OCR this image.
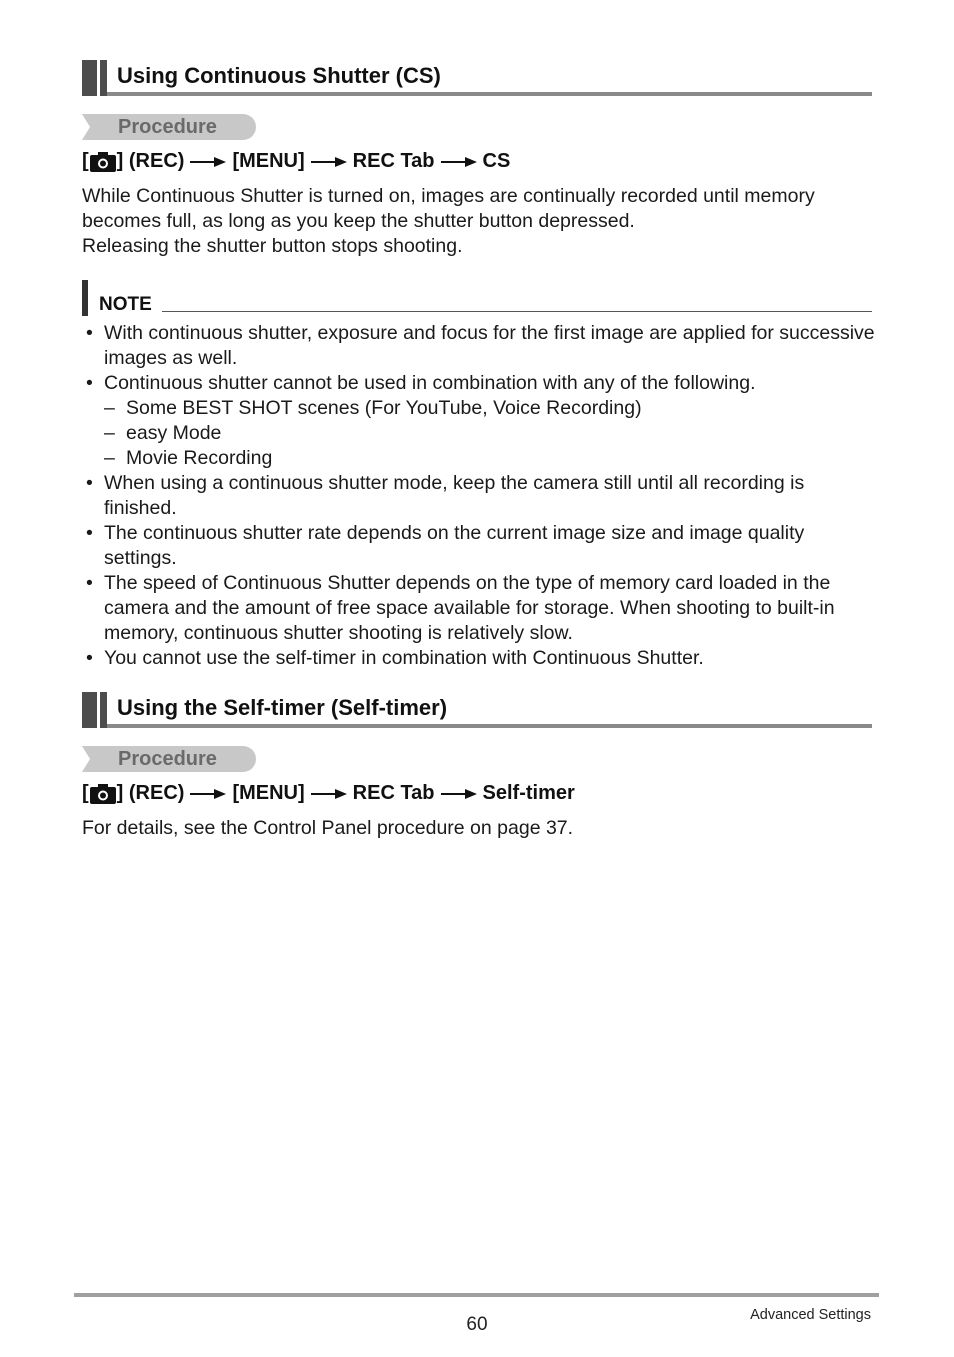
Using Continuous Shutter (CS)
Procedure
[ ] (REC) [MENU] REC Tab CS
While Continuous Shutter is turned on, images are continually recorded until memory becomes full, as long as you keep the shutter button depressed.
Releasing the shutter button stops shooting.
NOTE
• With continuous shutter, exposure and focus for the first image are applied for successive images as well.
• Continuous shutter cannot be used in combination with any of the following.
– Some BEST SHOT scenes (For YouTube, Voice Recording)
– easy Mode
– Movie Recording
• When using a continuous shutter mode, keep the camera still until all recording is finished.
• The continuous shutter rate depends on the current image size and image quality settings.
• The speed of Continuous Shutter depends on the type of memory card loaded in the camera and the amount of free space available for storage. When shooting to built-in memory, continuous shutter shooting is relatively slow.
• You cannot use the self-timer in combination with Continuous Shutter.
Using the Self-timer (Self-timer)
Procedure
[ ] (REC) [MENU] REC Tab Self-timer
For details, see the Control Panel procedure on page 37.
60	Advanced Settings
